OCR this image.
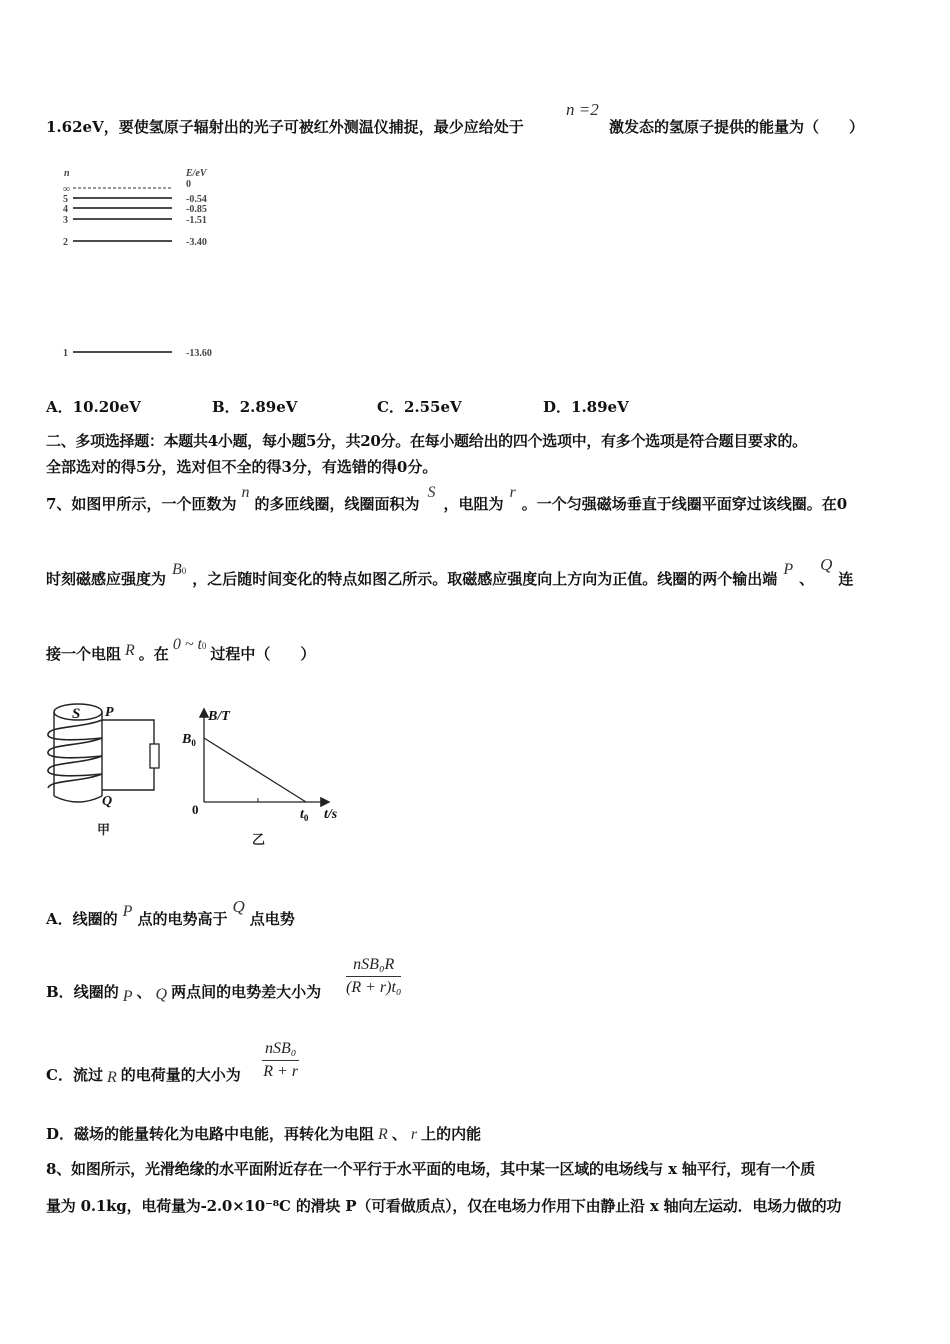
1.62eV，要使氢原子辐射出的光子可被红外测温仪捕捉，最少应给处于
n =2
激发态的氢原子提供的能量为（　　）
n	E/eV
∞	0
5	-0.54
4	-0.85
3	-1.51
2	-3.40
1	-13.60
A．10.20eV	B．2.89eV	C．2.55eV	D．1.89eV
二、多项选择题：本题共4小题，每小题5分，共20分。在每小题给出的四个选项中，有多个选项是符合题目要求的。
全部选对的得5分，选对但不全的得3分，有选错的得0分。
7、如图甲所示，一个匝数为n的多匝线圈，线圈面积为S，电阻为r。一个匀强磁场垂直于线圈平面穿过该线圈。在0
时刻磁感应强度为B0 ，之后随时间变化的特点如图乙所示。取磁感应强度向上方向为正值。线圈的两个输出端P、Q连
接一个电阻 R 。在0 ~ t0 过程中（　　）
S P
Q
甲
B/T
$B_0$
0	$t_0$ t/s
乙
A．线圈的 P 点的电势高于Q点电势
B．线圈的 P 、 Q 两点间的电势差大小为
nSB₀R
(R + r)t₀
C．流过 R 的电荷量的大小为
nSB₀
R + r
D．磁场的能量转化为电路中电能，再转化为电阻 R 、 r 上的内能
8、如图所示，光滑绝缘的水平面附近存在一个平行于水平面的电场，其中某一区域的电场线与 x 轴平行，现有一个质
量为 0.1kg，电荷量为-2.0×10⁻⁸C 的滑块 P（可看做质点），仅在电场力作用下由静止沿 x 轴向左运动．电场力做的功
